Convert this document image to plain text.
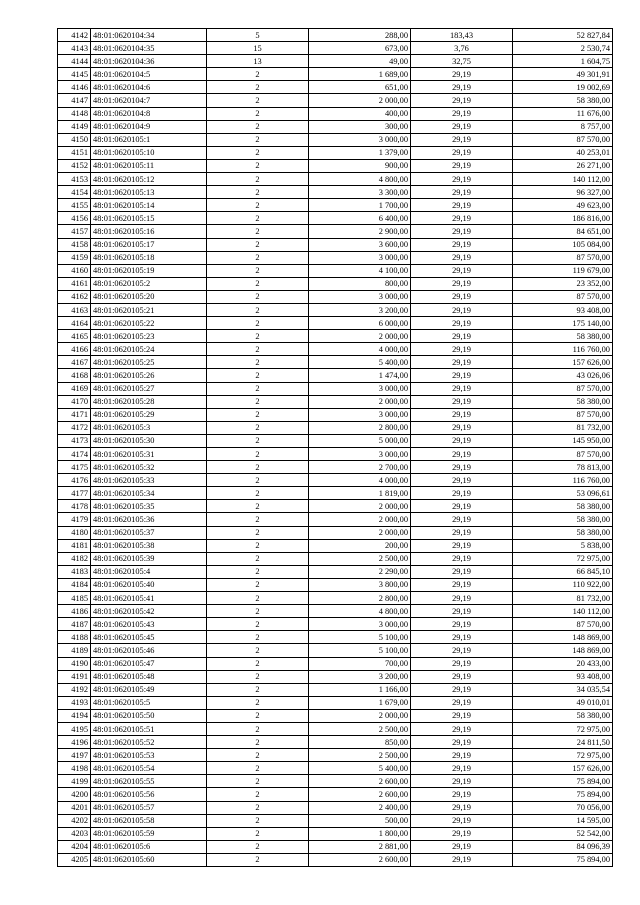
4142	48:01:0620104:34	5	288,00	183,43	52 827,84
4143	48:01:0620104:35	15	673,00	3,76	2 530,74
4144	48:01:0620104:36	13	49,00	32,75	1 604,75
4145	48:01:0620104:5	2	1 689,00	29,19	49 301,91
4146	48:01:0620104:6	2	651,00	29,19	19 002,69
4147	48:01:0620104:7	2	2 000,00	29,19	58 380,00
4148	48:01:0620104:8	2	400,00	29,19	11 676,00
4149	48:01:0620104:9	2	300,00	29,19	8 757,00
4150	48:01:0620105:1	2	3 000,00	29,19	87 570,00
4151	48:01:0620105:10	2	1 379,00	29,19	40 253,01
4152	48:01:0620105:11	2	900,00	29,19	26 271,00
4153	48:01:0620105:12	2	4 800,00	29,19	140 112,00
4154	48:01:0620105:13	2	3 300,00	29,19	96 327,00
4155	48:01:0620105:14	2	1 700,00	29,19	49 623,00
4156	48:01:0620105:15	2	6 400,00	29,19	186 816,00
4157	48:01:0620105:16	2	2 900,00	29,19	84 651,00
4158	48:01:0620105:17	2	3 600,00	29,19	105 084,00
4159	48:01:0620105:18	2	3 000,00	29,19	87 570,00
4160	48:01:0620105:19	2	4 100,00	29,19	119 679,00
4161	48:01:0620105:2	2	800,00	29,19	23 352,00
4162	48:01:0620105:20	2	3 000,00	29,19	87 570,00
4163	48:01:0620105:21	2	3 200,00	29,19	93 408,00
4164	48:01:0620105:22	2	6 000,00	29,19	175 140,00
4165	48:01:0620105:23	2	2 000,00	29,19	58 380,00
4166	48:01:0620105:24	2	4 000,00	29,19	116 760,00
4167	48:01:0620105:25	2	5 400,00	29,19	157 626,00
4168	48:01:0620105:26	2	1 474,00	29,19	43 026,06
4169	48:01:0620105:27	2	3 000,00	29,19	87 570,00
4170	48:01:0620105:28	2	2 000,00	29,19	58 380,00
4171	48:01:0620105:29	2	3 000,00	29,19	87 570,00
4172	48:01:0620105:3	2	2 800,00	29,19	81 732,00
4173	48:01:0620105:30	2	5 000,00	29,19	145 950,00
4174	48:01:0620105:31	2	3 000,00	29,19	87 570,00
4175	48:01:0620105:32	2	2 700,00	29,19	78 813,00
4176	48:01:0620105:33	2	4 000,00	29,19	116 760,00
4177	48:01:0620105:34	2	1 819,00	29,19	53 096,61
4178	48:01:0620105:35	2	2 000,00	29,19	58 380,00
4179	48:01:0620105:36	2	2 000,00	29,19	58 380,00
4180	48:01:0620105:37	2	2 000,00	29,19	58 380,00
4181	48:01:0620105:38	2	200,00	29,19	5 838,00
4182	48:01:0620105:39	2	2 500,00	29,19	72 975,00
4183	48:01:0620105:4	2	2 290,00	29,19	66 845,10
4184	48:01:0620105:40	2	3 800,00	29,19	110 922,00
4185	48:01:0620105:41	2	2 800,00	29,19	81 732,00
4186	48:01:0620105:42	2	4 800,00	29,19	140 112,00
4187	48:01:0620105:43	2	3 000,00	29,19	87 570,00
4188	48:01:0620105:45	2	5 100,00	29,19	148 869,00
4189	48:01:0620105:46	2	5 100,00	29,19	148 869,00
4190	48:01:0620105:47	2	700,00	29,19	20 433,00
4191	48:01:0620105:48	2	3 200,00	29,19	93 408,00
4192	48:01:0620105:49	2	1 166,00	29,19	34 035,54
4193	48:01:0620105:5	2	1 679,00	29,19	49 010,01
4194	48:01:0620105:50	2	2 000,00	29,19	58 380,00
4195	48:01:0620105:51	2	2 500,00	29,19	72 975,00
4196	48:01:0620105:52	2	850,00	29,19	24 811,50
4197	48:01:0620105:53	2	2 500,00	29,19	72 975,00
4198	48:01:0620105:54	2	5 400,00	29,19	157 626,00
4199	48:01:0620105:55	2	2 600,00	29,19	75 894,00
4200	48:01:0620105:56	2	2 600,00	29,19	75 894,00
4201	48:01:0620105:57	2	2 400,00	29,19	70 056,00
4202	48:01:0620105:58	2	500,00	29,19	14 595,00
4203	48:01:0620105:59	2	1 800,00	29,19	52 542,00
4204	48:01:0620105:6	2	2 881,00	29,19	84 096,39
4205	48:01:0620105:60	2	2 600,00	29,19	75 894,00
